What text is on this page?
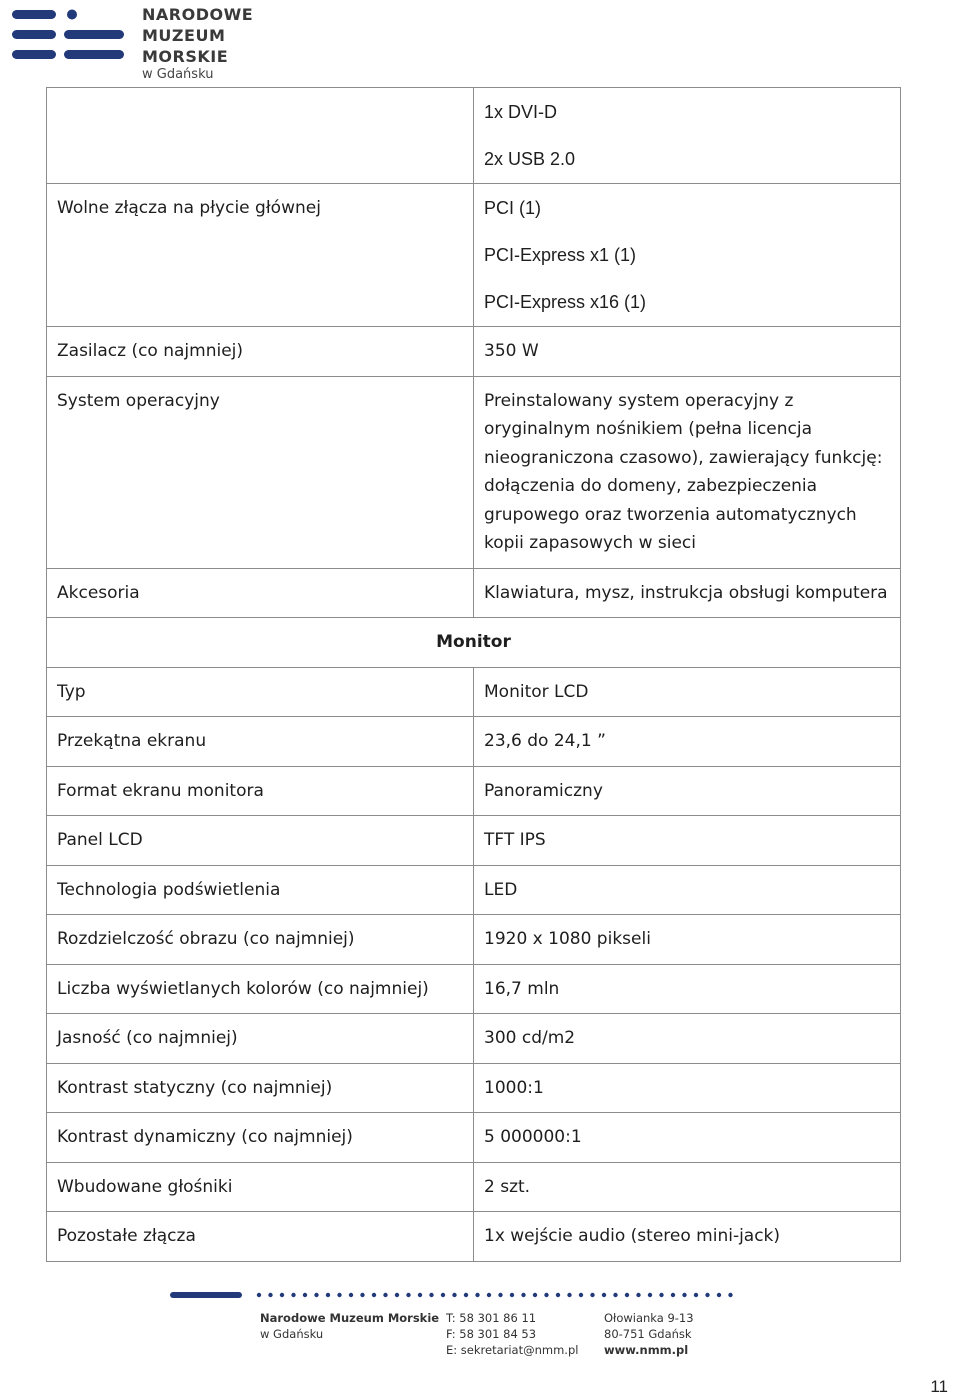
NARODOWE
MUZEUM
MORSKIE
w Gdańsku

	1x DVI-D
2x USB 2.0

Wolne złącza na płycie głównej	PCI (1)
PCI-Express x1 (1)
PCI-Express x16 (1)

Zasilacz (co najmniej)	350 W
System operacyjny	Preinstalowany system operacyjny z oryginalnym nośnikiem (pełna licencja nieograniczona czasowo), zawierający funkcję: dołączenia do domeny, zabezpieczenia grupowego oraz tworzenia automatycznych kopii zapasowych w sieci
Akcesoria	Klawiatura, mysz, instrukcja obsługi komputera
Monitor	
Typ	Monitor LCD
Przekątna ekranu	23,6 do 24,1 ”
Format ekranu monitora	Panoramiczny
Panel LCD	TFT IPS
Technologia podświetlenia	LED
Rozdzielczość obrazu (co najmniej)	1920 x 1080 pikseli
Liczba wyświetlanych kolorów (co najmniej)	16,7 mln
Jasność (co najmniej)	300 cd/m2
Kontrast statyczny (co najmniej)	1000:1
Kontrast dynamiczny (co najmniej)	5 000000:1
Wbudowane głośniki	2 szt.
Pozostałe złącza	1x wejście audio (stereo mini-jack)
Narodowe Muzeum Morskie
w Gdańsku
T: 58 301 86 11
F: 58 301 84 53
E: sekretariat@nmm.pl
Ołowianka 9-13
80-751 Gdańsk
www.nmm.pl
11
